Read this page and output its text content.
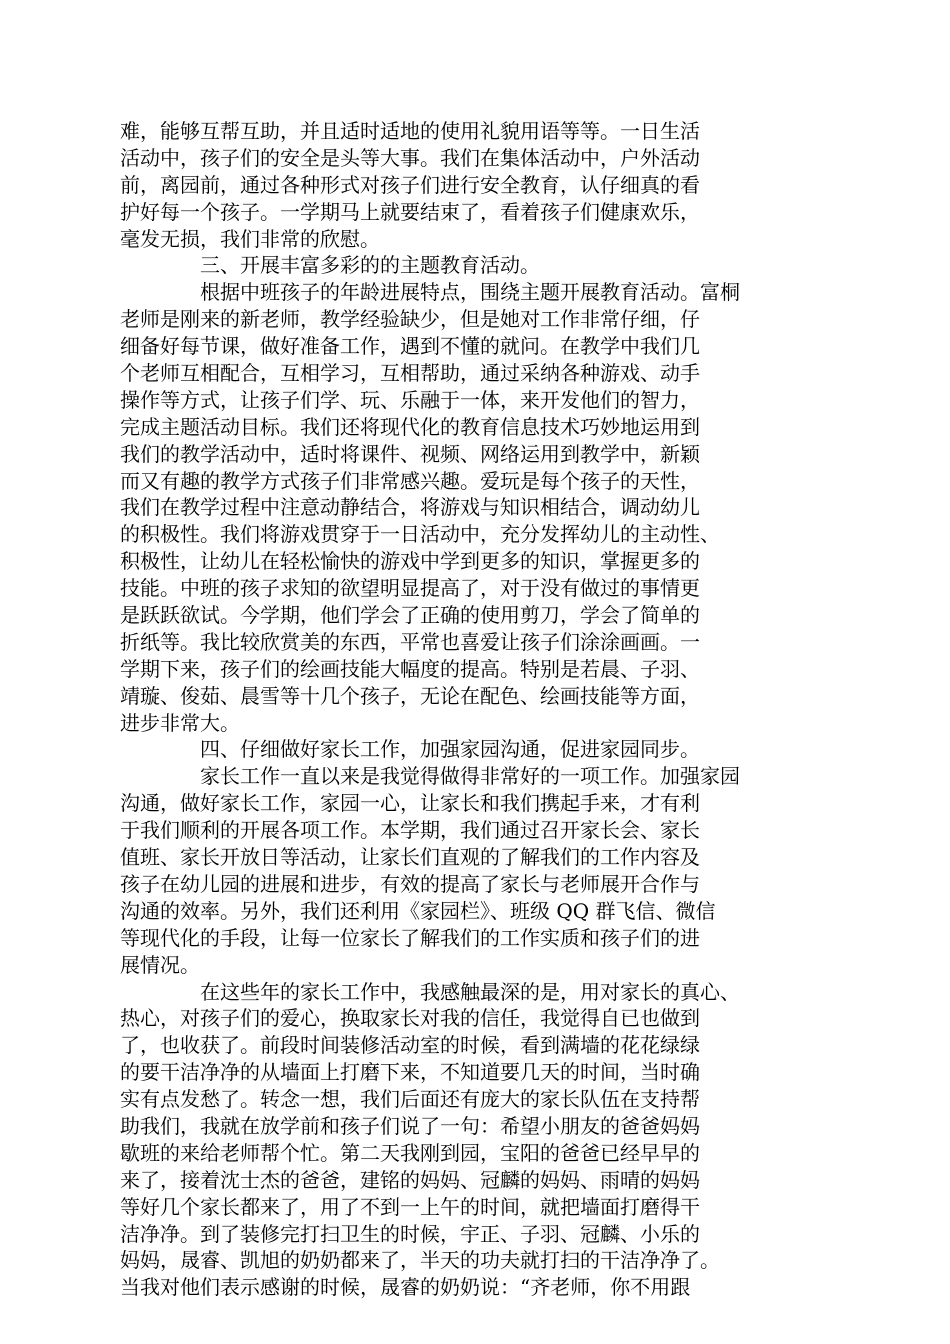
难，能够互帮互助，并且适时适地的使用礼貌用语等等。一日生活
活动中，孩子们的安全是头等大事。我们在集体活动中，户外活动
前，离园前，通过各种形式对孩子们进行安全教育，认仔细真的看
护好每一个孩子。一学期马上就要结束了，看着孩子们健康欢乐，
毫发无损，我们非常的欣慰。
三、开展丰富多彩的的主题教育活动。
根据中班孩子的年龄进展特点，围绕主题开展教育活动。富桐
老师是刚来的新老师，教学经验缺少，但是她对工作非常仔细，仔
细备好每节课，做好准备工作，遇到不懂的就问。在教学中我们几
个老师互相配合，互相学习，互相帮助，通过采纳各种游戏、动手
操作等方式，让孩子们学、玩、乐融于一体，来开发他们的智力，
完成主题活动目标。我们还将现代化的教育信息技术巧妙地运用到
我们的教学活动中，适时将课件、视频、网络运用到教学中，新颖
而又有趣的教学方式孩子们非常感兴趣。爱玩是每个孩子的天性，
我们在教学过程中注意动静结合，将游戏与知识相结合，调动幼儿
的积极性。我们将游戏贯穿于一日活动中，充分发挥幼儿的主动性、
积极性，让幼儿在轻松愉快的游戏中学到更多的知识，掌握更多的
技能。中班的孩子求知的欲望明显提高了，对于没有做过的事情更
是跃跃欲试。今学期，他们学会了正确的使用剪刀，学会了简单的
折纸等。我比较欣赏美的东西，平常也喜爱让孩子们涂涂画画。一
学期下来，孩子们的绘画技能大幅度的提高。特别是若晨、子羽、
靖璇、俊茹、晨雪等十几个孩子，无论在配色、绘画技能等方面，
进步非常大。
四、仔细做好家长工作，加强家园沟通，促进家园同步。
家长工作一直以来是我觉得做得非常好的一项工作。加强家园
沟通，做好家长工作，家园一心，让家长和我们携起手来，才有利
于我们顺利的开展各项工作。本学期，我们通过召开家长会、家长
值班、家长开放日等活动，让家长们直观的了解我们的工作内容及
孩子在幼儿园的进展和进步，有效的提高了家长与老师展开合作与
沟通的效率。另外，我们还利用《家园栏》、班级 QQ 群飞信、微信
等现代化的手段，让每一位家长了解我们的工作实质和孩子们的进
展情况。
在这些年的家长工作中，我感触最深的是，用对家长的真心、
热心，对孩子们的爱心，换取家长对我的信任，我觉得自已也做到
了，也收获了。前段时间装修活动室的时候，看到满墙的花花绿绿
的要干洁净净的从墙面上打磨下来，不知道要几天的时间，当时确
实有点发愁了。转念一想，我们后面还有庞大的家长队伍在支持帮
助我们，我就在放学前和孩子们说了一句：希望小朋友的爸爸妈妈
歇班的来给老师帮个忙。第二天我刚到园，宝阳的爸爸已经早早的
来了，接着沈士杰的爸爸，建铭的妈妈、冠麟的妈妈、雨晴的妈妈
等好几个家长都来了，用了不到一上午的时间，就把墙面打磨得干
洁净净。到了装修完打扫卫生的时候，宇正、子羽、冠麟、小乐的
妈妈，晟睿、凯旭的奶奶都来了，半天的功夫就打扫的干洁净净了。
当我对他们表示感谢的时候，晟睿的奶奶说：“齐老师，你不用跟
